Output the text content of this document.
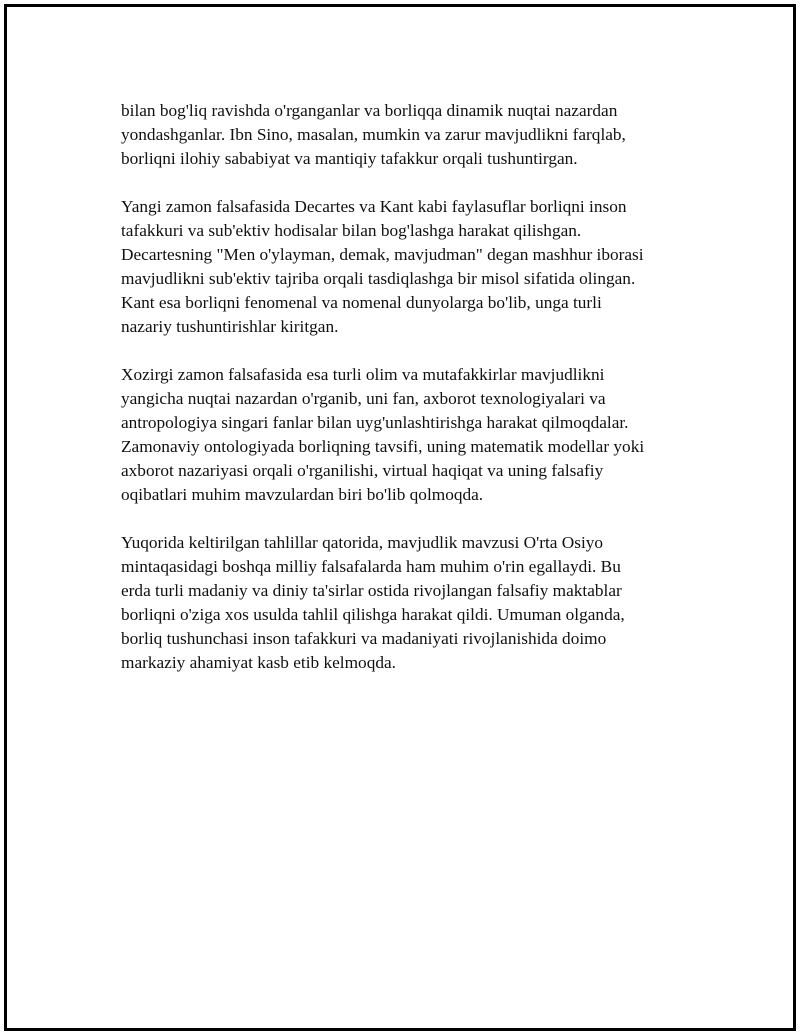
bilan bog'liq ravishda o'rganganlar va borliqqa dinamik nuqtai nazardan
yondashganlar. Ibn Sino, masalan, mumkin va zarur mavjudlikni farqlab,
borliqni ilohiy sababiyat va mantiqiy tafakkur orqali tushuntirgan.

Yangi zamon falsafasida Decartes va Kant kabi faylasuflar borliqni inson
tafakkuri va sub'ektiv hodisalar bilan bog'lashga harakat qilishgan.
Decartesning "Men o'ylayman, demak, mavjudman" degan mashhur iborasi
mavjudlikni sub'ektiv tajriba orqali tasdiqlashga bir misol sifatida olingan.
Kant esa borliqni fenomenal va nomenal dunyolarga bo'lib, unga turli
nazariy tushuntirishlar kiritgan.

Xozirgi zamon falsafasida esa turli olim va mutafakkirlar mavjudlikni
yangicha nuqtai nazardan o'rganib, uni fan, axborot texnologiyalari va
antropologiya singari fanlar bilan uyg'unlashtirishga harakat qilmoqdalar.
Zamonaviy ontologiyada borliqning tavsifi, uning matematik modellar yoki
axborot nazariyasi orqali o'rganilishi, virtual haqiqat va uning falsafiy
oqibatlari muhim mavzulardan biri bo'lib qolmoqda.

Yuqorida keltirilgan tahlillar qatorida, mavjudlik mavzusi O'rta Osiyo
mintaqasidagi boshqa milliy falsafalarda ham muhim o'rin egallaydi. Bu
erda turli madaniy va diniy ta'sirlar ostida rivojlangan falsafiy maktablar
borliqni o'ziga xos usulda tahlil qilishga harakat qildi. Umuman olganda,
borliq tushunchasi inson tafakkuri va madaniyati rivojlanishida doimo
markaziy ahamiyat kasb etib kelmoqda.
